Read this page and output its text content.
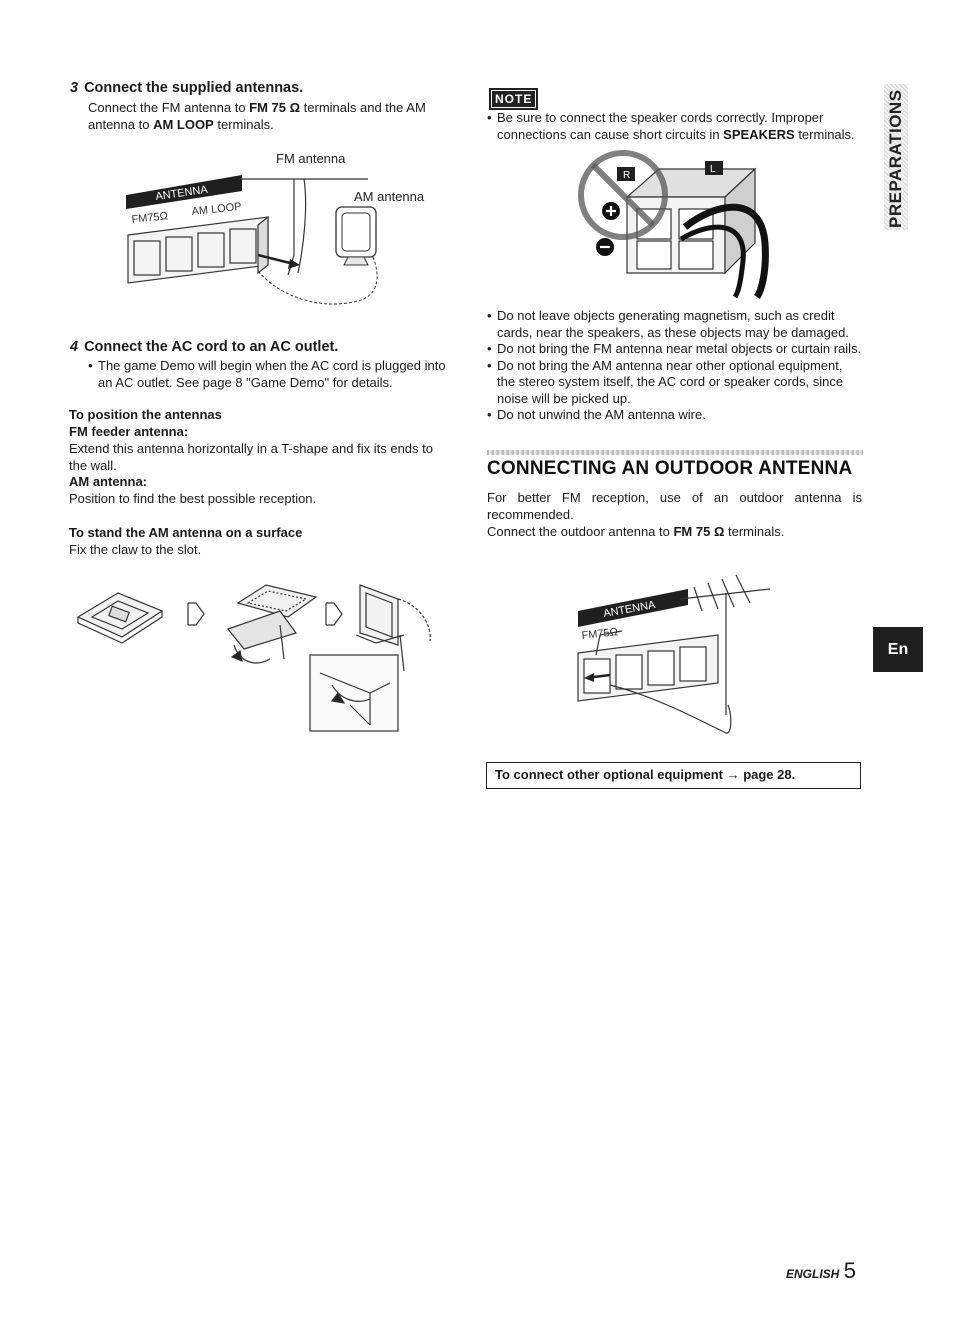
3 Connect the supplied antennas.
Connect the FM antenna to FM 75 Ω terminals and the AM antenna to AM LOOP terminals.
FM antenna
AM antenna
ANTENNA
FM75Ω
AM LOOP
4 Connect the AC cord to an AC outlet.
• The game Demo will begin when the AC cord is plugged into an AC outlet. See page 8 "Game Demo" for details.
To position the antennas
FM feeder antenna:
Extend this antenna horizontally in a T-shape and fix its ends to the wall.
AM antenna:
Position to find the best possible reception.
To stand the AM antenna on a surface
Fix the claw to the slot.
NOTE
• Be sure to connect the speaker cords correctly. Improper connections can cause short circuits in SPEAKERS terminals.
R
L
• Do not leave objects generating magnetism, such as credit cards, near the speakers, as these objects may be damaged.
• Do not bring the FM antenna near metal objects or curtain rails.
• Do not bring the AM antenna near other optional equipment, the stereo system itself, the AC cord or speaker cords, since noise will be picked up.
• Do not unwind the AM antenna wire.
CONNECTING AN OUTDOOR ANTENNA
For better FM reception, use of an outdoor antenna is recommended.
Connect the outdoor antenna to FM 75 Ω terminals.
ANTENNA
FM75Ω
To connect other optional equipment → page 28.
PREPARATIONS
En
ENGLISH 5
